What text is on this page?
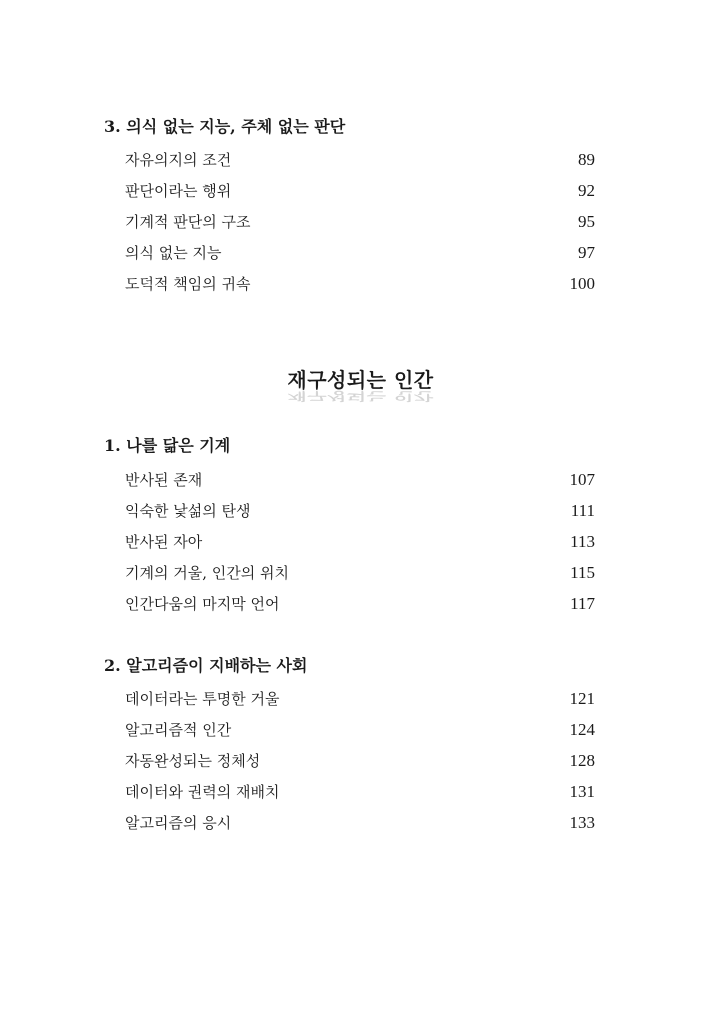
3. 의식 없는 지능, 주체 없는 판단
자유의지의 조건	89
판단이라는 행위	92
기계적 판단의 구조	95
의식 없는 지능	97
도덕적 책임의 귀속	100
재구성되는 인간
재구성되는 인간
1. 나를 닮은 기계
반사된 존재	107
익숙한 낯섦의 탄생	111
반사된 자아	113
기계의 거울, 인간의 위치	115
인간다움의 마지막 언어	117
2. 알고리즘이 지배하는 사회
데이터라는 투명한 거울	121
알고리즘적 인간	124
자동완성되는 정체성	128
데이터와 권력의 재배치	131
알고리즘의 응시	133
